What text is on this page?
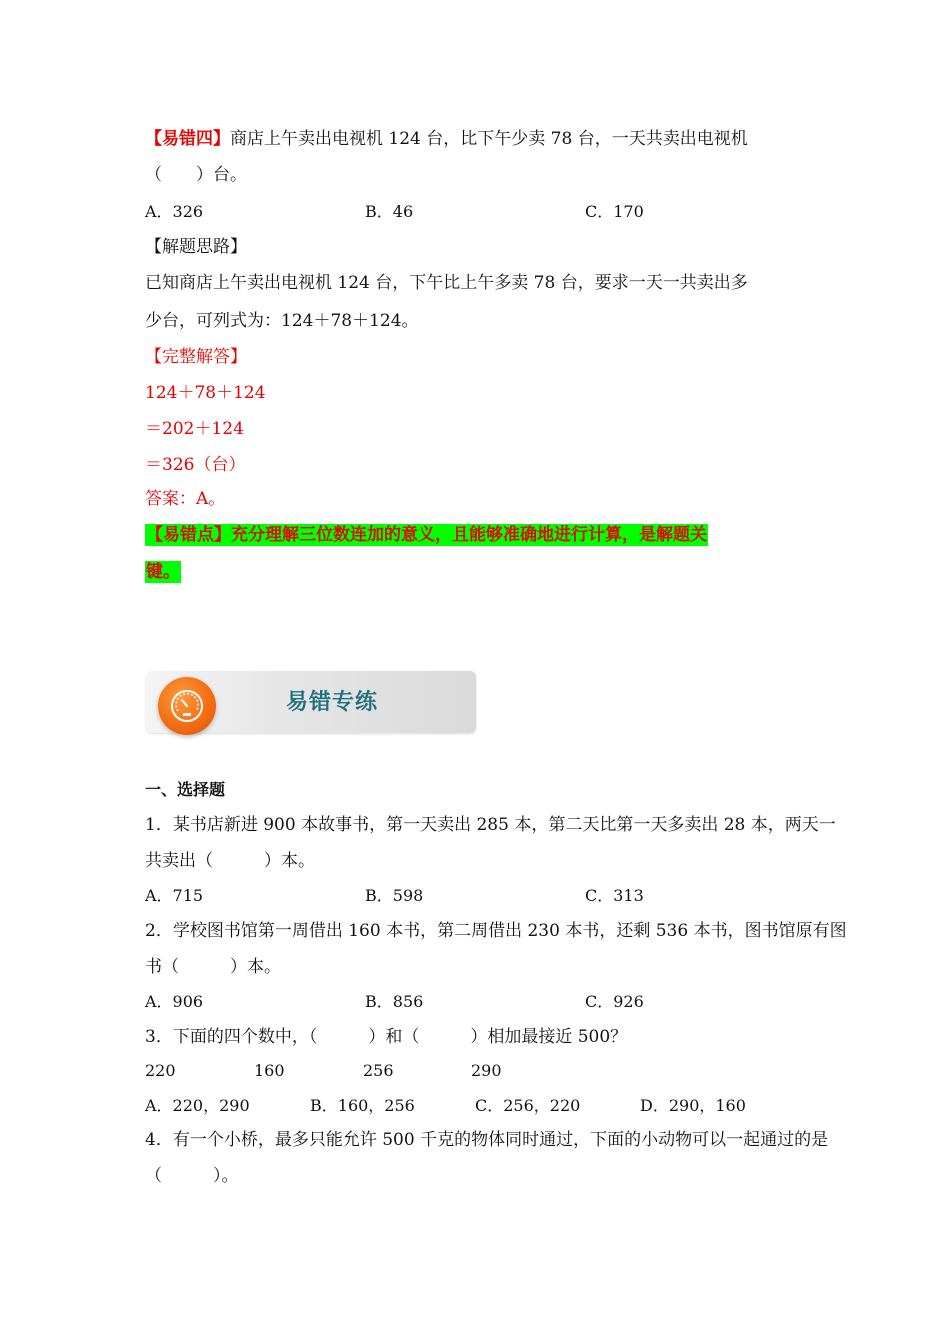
【易错四】商店上午卖出电视机 124 台，比下午少卖 78 台，一天共卖出电视机
（　　）台。
A．326	B．46	C．170
【解题思路】
已知商店上午卖出电视机 124 台，下午比上午多卖 78 台，要求一天一共卖出多
少台，可列式为：124＋78＋124。
【完整解答】
124＋78＋124
＝202＋124
＝326（台）
答案：A。
【易错点】充分理解三位数连加的意义，且能够准确地进行计算，是解题关
键。
易错专练
一、选择题
1．某书店新进 900 本故事书，第一天卖出 285 本，第二天比第一天多卖出 28 本，两天一
共卖出（　　　）本。
A．715	B．598	C．313
2．学校图书馆第一周借出 160 本书，第二周借出 230 本书，还剩 536 本书，图书馆原有图
书（　　　）本。
A．906	B．856	C．926
3．下面的四个数中，（　　　）和（　　　）相加最接近 500？
220	160	256	290
A．220，290	B．160，256	C．256，220	D．290，160
4．有一个小桥，最多只能允许 500 千克的物体同时通过，下面的小动物可以一起通过的是
（　　　）。
